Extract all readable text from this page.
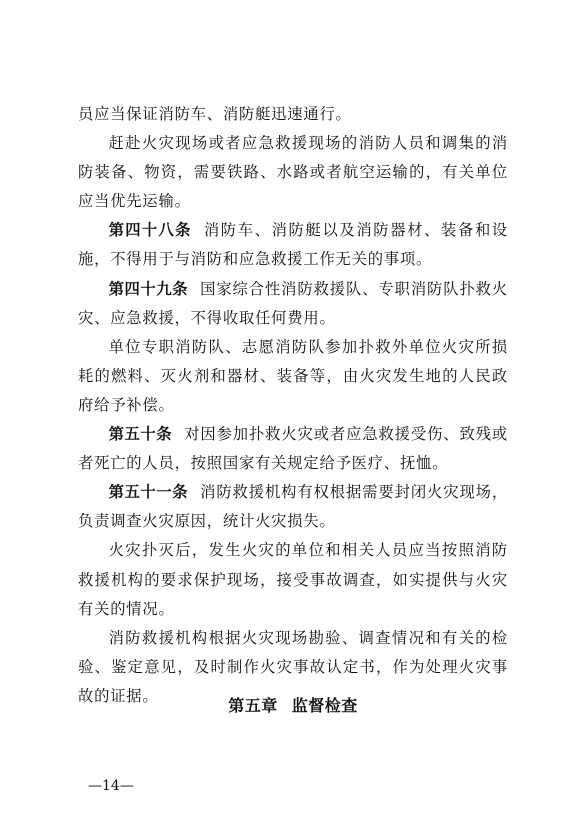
员应当保证消防车、消防艇迅速通行。

赶赴火灾现场或者应急救援现场的消防人员和调集的消防装备、物资，需要铁路、水路或者航空运输的，有关单位应当优先运输。

第四十八条 消防车、消防艇以及消防器材、装备和设施，不得用于与消防和应急救援工作无关的事项。

第四十九条 国家综合性消防救援队、专职消防队扑救火灾、应急救援，不得收取任何费用。

单位专职消防队、志愿消防队参加扑救外单位火灾所损耗的燃料、灭火剂和器材、装备等，由火灾发生地的人民政府给予补偿。

第五十条 对因参加扑救火灾或者应急救援受伤、致残或者死亡的人员，按照国家有关规定给予医疗、抚恤。

第五十一条 消防救援机构有权根据需要封闭火灾现场，负责调查火灾原因，统计火灾损失。

火灾扑灭后，发生火灾的单位和相关人员应当按照消防救援机构的要求保护现场，接受事故调查，如实提供与火灾有关的情况。

消防救援机构根据火灾现场勘验、调查情况和有关的检验、鉴定意见，及时制作火灾事故认定书，作为处理火灾事故的证据。

第五章 监督检查
—14—
